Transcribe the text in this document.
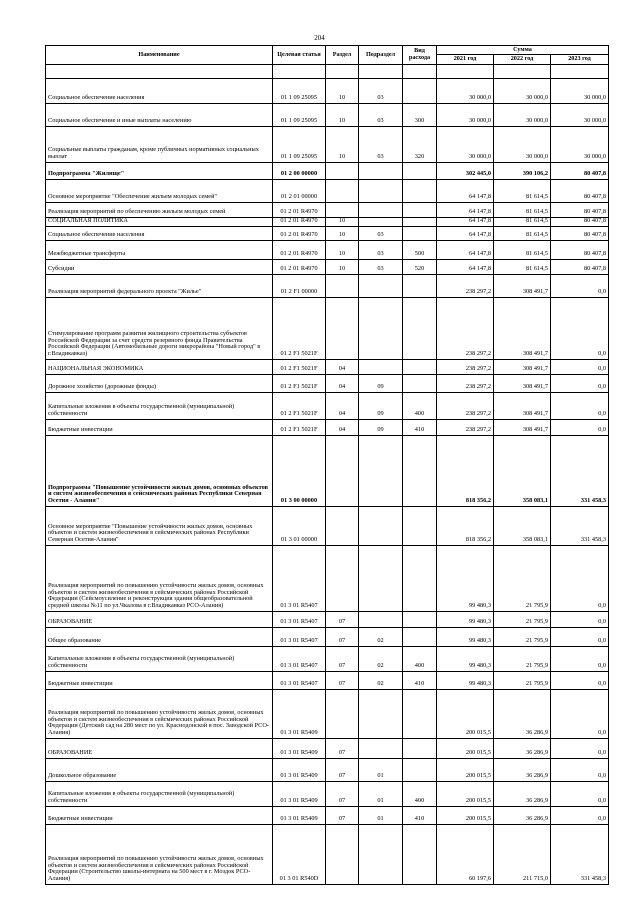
204
Наименование	Целевая статья	Раздел	Подраздел	Вид расхода	Сумма		
					2021 год	2022 год	2023 год

Социальное обеспечение населения	01 1 09 25095	10	03		30 000,0	30 000,0	30 000,0
Социальное обеспечение и иные выплаты населению	01 1 09 25095	10	03	300	30 000,0	30 000,0	30 000,0
Социальные выплаты гражданам, кроме публичных нормативных социальных выплат	01 1 09 25095	10	03	320	30 000,0	30 000,0	30 000,0
Подпрограмма "Жилище"	01 2 00 00000				302 445,0	390 106,2	80 407,8
Основное мероприятие "Обеспечение жильем молодых семей"	01 2 01 00000				64 147,8	81 614,5	80 407,8
Реализация мероприятий по обеспечению жильем молодых семей	01 2 01 R4970				64 147,8	81 614,5	80 407,8
СОЦИАЛЬНАЯ ПОЛИТИКА	01 2 01 R4970	10			64 147,8	81 614,5	80 407,8
Социальное обеспечение населения	01 2 01 R4970	10	03		64 147,8	81 614,5	80 407,8
Межбюджетные трансферты	01 2 01 R4970	10	03	500	64 147,8	81 614,5	80 407,8
Субсидии	01 2 01 R4970	10	03	520	64 147,8	81 614,5	80 407,8
Реализация мероприятий федерального проекта "Жилье"	01 2 F1 00000				238 297,2	308 491,7	0,0
Стимулирование программ развития жилищного строительства субъектов Российской Федерации за счет средств резервного фонда Правительства Российской Федерации (Автомобильные дороги микрорайона "Новый город" в г.Владикавказ)	01 2 F1 5021F				238 297,2	308 491,7	0,0
НАЦИОНАЛЬНАЯ ЭКОНОМИКА	01 2 F1 5021F	04			238 297,2	308 491,7	0,0
Дорожное хозяйство (дорожные фонды)	01 2 F1 5021F	04	09		238 297,2	308 491,7	0,0
Капитальные вложения в объекты государственной (муниципальной) собственности	01 2 F1 5021F	04	09	400	238 297,2	308 491,7	0,0
Бюджетные инвестиции	01 2 F1 5021F	04	09	410	238 297,2	308 491,7	0,0
Подпрограмма "Повышение устойчивости жилых домов, основных объектов и систем жизнеобеспечения в сейсмических районах Республики Северная Осетия - Алания"	01 3 00 00000				818 356,2	358 083,1	331 458,3
Основное мероприятие "Повышение устойчивости жилых домов, основных объектов и систем жизнеобеспечения в сейсмических районах Республики Северная Осетия-Алания"	01 3 01 00000				818 356,2	358 083,1	331 458,3
Реализация мероприятий по повышению устойчивости жилых домов, основных объектов и систем жизнеобеспечения в сейсмических районах Российской Федерации (Сейсмоусиление и реконструкция здания общеобразовательной средней школы №11 по ул.Чкалова в г.Владикавказ РСО-Алания)	01 3 01 R5407				99 480,3	21 795,9	0,0
ОБРАЗОВАНИЕ	01 3 01 R5407	07			99 480,3	21 795,9	0,0
Общее образование	01 3 01 R5407	07	02		99 480,3	21 795,9	0,0
Капитальные вложения в объекты государственной (муниципальной) собственности	01 3 01 R5407	07	02	400	99 480,3	21 795,9	0,0
Бюджетные инвестиции	01 3 01 R5407	07	02	410	99 480,3	21 795,9	0,0
Реализация мероприятий по повышению устойчивости жилых домов, основных объектов и систем жизнеобеспечения в сейсмических районах Российской Федерации (Детский сад на 280 мест по ул. Краснодонской в пос. Заводской РСО-Алания)	01 3 01 R5409				200 015,5	36 286,9	0,0
ОБРАЗОВАНИЕ	01 3 01 R5409	07			200 015,5	36 286,9	0,0
Дошкольное образование	01 3 01 R5409	07	01		200 015,5	36 286,9	0,0
Капитальные вложения в объекты государственной (муниципальной) собственности	01 3 01 R5409	07	01	400	200 015,5	36 286,9	0,0
Бюджетные инвестиции	01 3 01 R5409	07	01	410	200 015,5	36 286,9	0,0
Реализация мероприятий по повышению устойчивости жилых домов, основных объектов и систем жизнеобеспечения в сейсмических районах Российской Федерации (Строительство школы-интерната на 500 мест в г. Моздок РСО-Алания)	01 3 01 R540D				60 197,6	211 715,0	331 458,3
